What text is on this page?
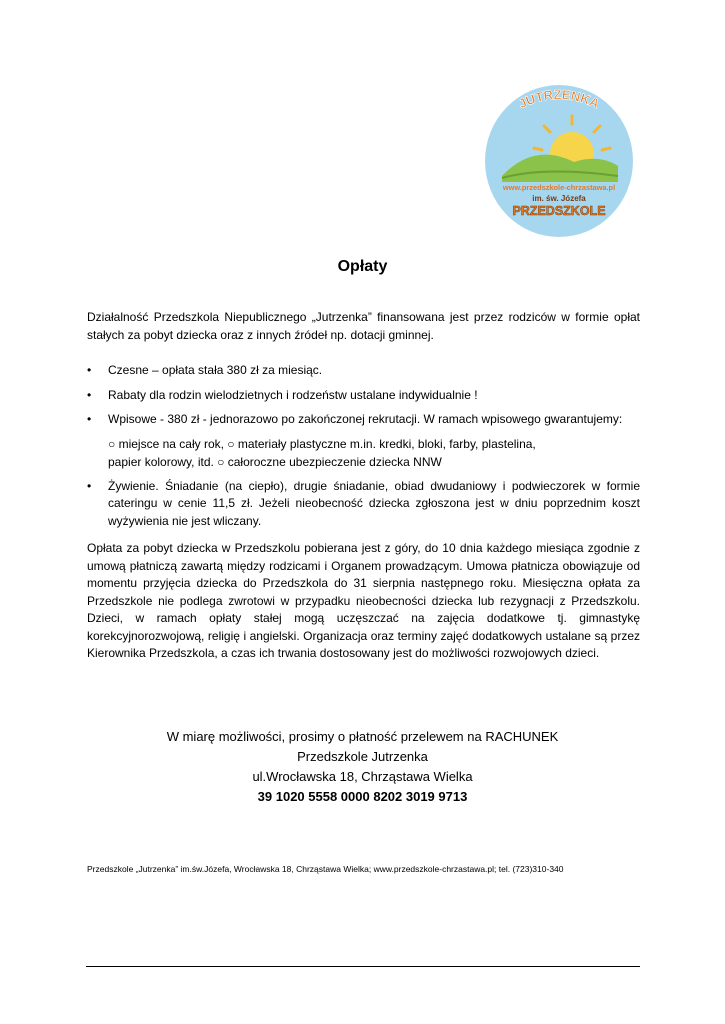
JUTRZENKA
www.przedszkole-chrzastawa.pl
im. św. Józefa
PRZEDSZKOLE
Opłaty

Działalność Przedszkola Niepublicznego „Jutrzenka” finansowana jest przez rodziców w formie opłat stałych za pobyt dziecka oraz z innych źródeł np. dotacji gminnej.

• Czesne – opłata stała 380 zł za miesiąc.
• Rabaty dla rodzin wielodzietnych i rodzeństw ustalane indywidualnie !
• Wpisowe - 380 zł - jednorazowo po zakończonej rekrutacji. W ramach wpisowego gwarantujemy:
○ miejsce na cały rok, ○ materiały plastyczne m.in. kredki, bloki, farby, plastelina,
papier kolorowy, itd. ○ całoroczne ubezpieczenie dziecka NNW
• Żywienie. Śniadanie (na ciepło), drugie śniadanie, obiad dwudaniowy i podwieczorek w formie cateringu w cenie 11,5 zł. Jeżeli nieobecność dziecka zgłoszona jest w dniu poprzednim koszt wyżywienia nie jest wliczany.

Opłata za pobyt dziecka w Przedszkolu pobierana jest z góry, do 10 dnia każdego miesiąca zgodnie z umową płatniczą zawartą między rodzicami i Organem prowadzącym. Umowa płatnicza obowiązuje od momentu przyjęcia dziecka do Przedszkola do 31 sierpnia następnego roku. Miesięczna opłata za Przedszkole nie podlega zwrotowi w przypadku nieobecności dziecka lub rezygnacji z Przedszkolu. Dzieci, w ramach opłaty stałej mogą uczęszczać na zajęcia dodatkowe tj. gimnastykę korekcyjnorozwojową, religię i angielski. Organizacja oraz terminy zajęć dodatkowych ustalane są przez Kierownika Przedszkola, a czas ich trwania dostosowany jest do możliwości rozwojowych dzieci.

W miarę możliwości, prosimy o płatność przelewem na RACHUNEK
Przedszkole Jutrzenka
ul.Wrocławska 18, Chrząstawa Wielka
39 1020 5558 0000 8202 3019 9713

Przedszkole „Jutrzenka” im.św.Józefa, Wrocławska 18, Chrząstawa Wielka; www.przedszkole-chrzastawa.pl; tel. (723)310-340
